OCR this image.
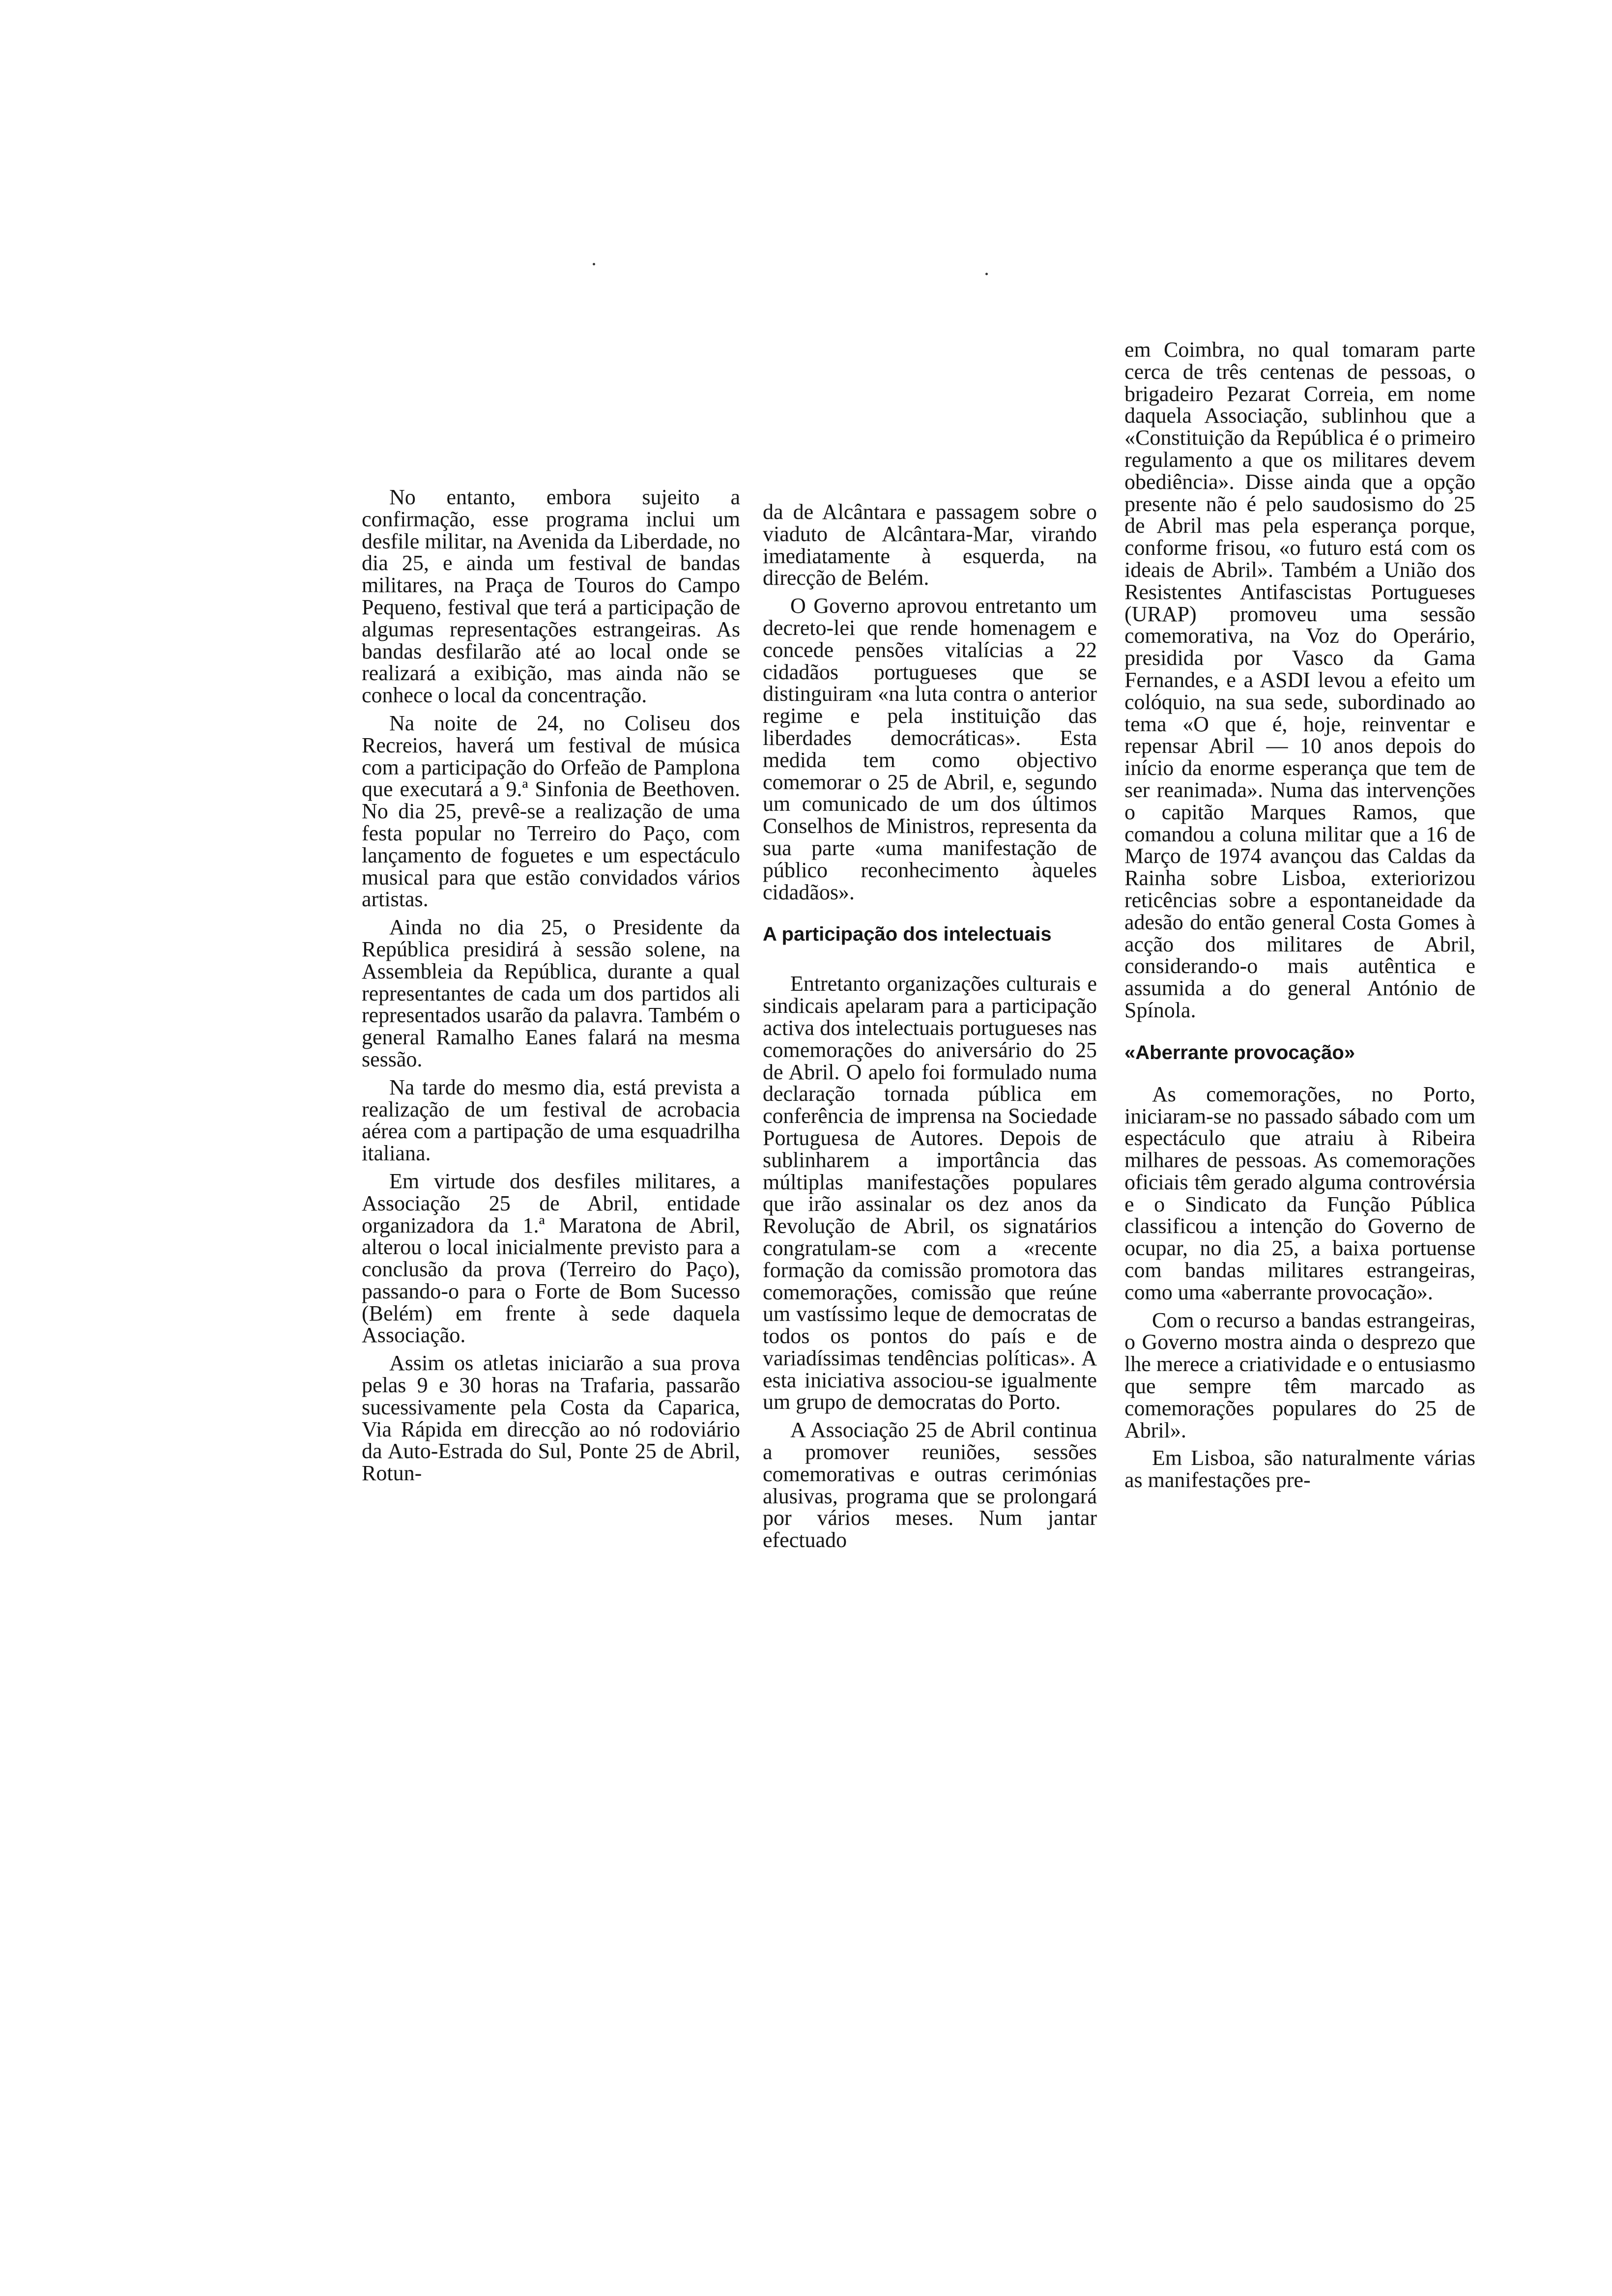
No entanto, embora sujeito a confirmação, esse programa inclui um desfile militar, na Avenida da Liberdade, no dia 25, e ainda um festival de bandas militares, na Praça de Touros do Campo Pequeno, festival que terá a participação de algumas representações estrangeiras. As bandas desfilarão até ao local onde se realizará a exibição, mas ainda não se conhece o local da concentração.

Na noite de 24, no Coliseu dos Recreios, haverá um festival de música com a participação do Orfeão de Pamplona que executará a 9.ª Sinfonia de Beethoven. No dia 25, prevê-se a realização de uma festa popular no Terreiro do Paço, com lançamento de foguetes e um espectáculo musical para que estão convidados vários artistas.

Ainda no dia 25, o Presidente da República presidirá à sessão solene, na Assembleia da República, durante a qual representantes de cada um dos partidos ali representados usarão da palavra. Também o general Ramalho Eanes falará na mesma sessão.

Na tarde do mesmo dia, está prevista a realização de um festival de acrobacia aérea com a partipação de uma esquadrilha italiana.

Em virtude dos desfiles militares, a Associação 25 de Abril, entidade organizadora da 1.ª Maratona de Abril, alterou o local inicialmente previsto para a conclusão da prova (Terreiro do Paço), passando-o para o Forte de Bom Sucesso (Belém) em frente à sede daquela Associação.

Assim os atletas iniciarão a sua prova pelas 9 e 30 horas na Trafaria, passarão sucessivamente pela Costa da Caparica, Via Rápida em direcção ao nó rodoviário da Auto-Estrada do Sul, Ponte 25 de Abril, Rotun-

da de Alcântara e passagem sobre o viaduto de Alcântara-Mar, virando imediatamente à esquerda, na direcção de Belém.

O Governo aprovou entretanto um decreto-lei que rende homenagem e concede pensões vitalícias a 22 cidadãos portugueses que se distinguiram «na luta contra o anterior regime e pela instituição das liberdades democráticas». Esta medida tem como objectivo comemorar o 25 de Abril, e, segundo um comunicado de um dos últimos Conselhos de Ministros, representa da sua parte «uma manifestação de público reconhecimento àqueles cidadãos».

A participação dos intelectuais

Entretanto organizações culturais e sindicais apelaram para a participação activa dos intelectuais portugueses nas comemorações do aniversário do 25 de Abril. O apelo foi formulado numa declaração tornada pública em conferência de imprensa na Sociedade Portuguesa de Autores. Depois de sublinharem a importância das múltiplas manifestações populares que irão assinalar os dez anos da Revolução de Abril, os signatários congratulam-se com a «recente formação da comissão promotora das comemorações, comissão que reúne um vastíssimo leque de democratas de todos os pontos do país e de variadíssimas tendências políticas». A esta iniciativa associou-se igualmente um grupo de democratas do Porto.

A Associação 25 de Abril continua a promover reuniões, sessões comemorativas e outras cerimónias alusivas, programa que se prolongará por vários meses. Num jantar efectuado

em Coimbra, no qual tomaram parte cerca de três centenas de pessoas, o brigadeiro Pezarat Correia, em nome daquela Associação, sublinhou que a «Constituição da República é o primeiro regulamento a que os militares devem obediência». Disse ainda que a opção presente não é pelo saudosismo do 25 de Abril mas pela esperança porque, conforme frisou, «o futuro está com os ideais de Abril». Também a União dos Resistentes Antifascistas Portugueses (URAP) promoveu uma sessão comemorativa, na Voz do Operário, presidida por Vasco da Gama Fernandes, e a ASDI levou a efeito um colóquio, na sua sede, subordinado ao tema «O que é, hoje, reinventar e repensar Abril — 10 anos depois do início da enorme esperança que tem de ser reanimada». Numa das intervenções o capitão Marques Ramos, que comandou a coluna militar que a 16 de Março de 1974 avançou das Caldas da Rainha sobre Lisboa, exteriorizou reticências sobre a espontaneidade da adesão do então general Costa Gomes à acção dos militares de Abril, considerando-o mais autêntica e assumida a do general António de Spínola.

«Aberrante provocação»

As comemorações, no Porto, iniciaram-se no passado sábado com um espectáculo que atraiu à Ribeira milhares de pessoas. As comemorações oficiais têm gerado alguma controvérsia e o Sindicato da Função Pública classificou a intenção do Governo de ocupar, no dia 25, a baixa portuense com bandas militares estrangeiras, como uma «aberrante provocação».

Com o recurso a bandas estrangeiras, o Governo mostra ainda o desprezo que lhe merece a criatividade e o entusiasmo que sempre têm marcado as comemorações populares do 25 de Abril».

Em Lisboa, são naturalmente várias as manifestações pre-
